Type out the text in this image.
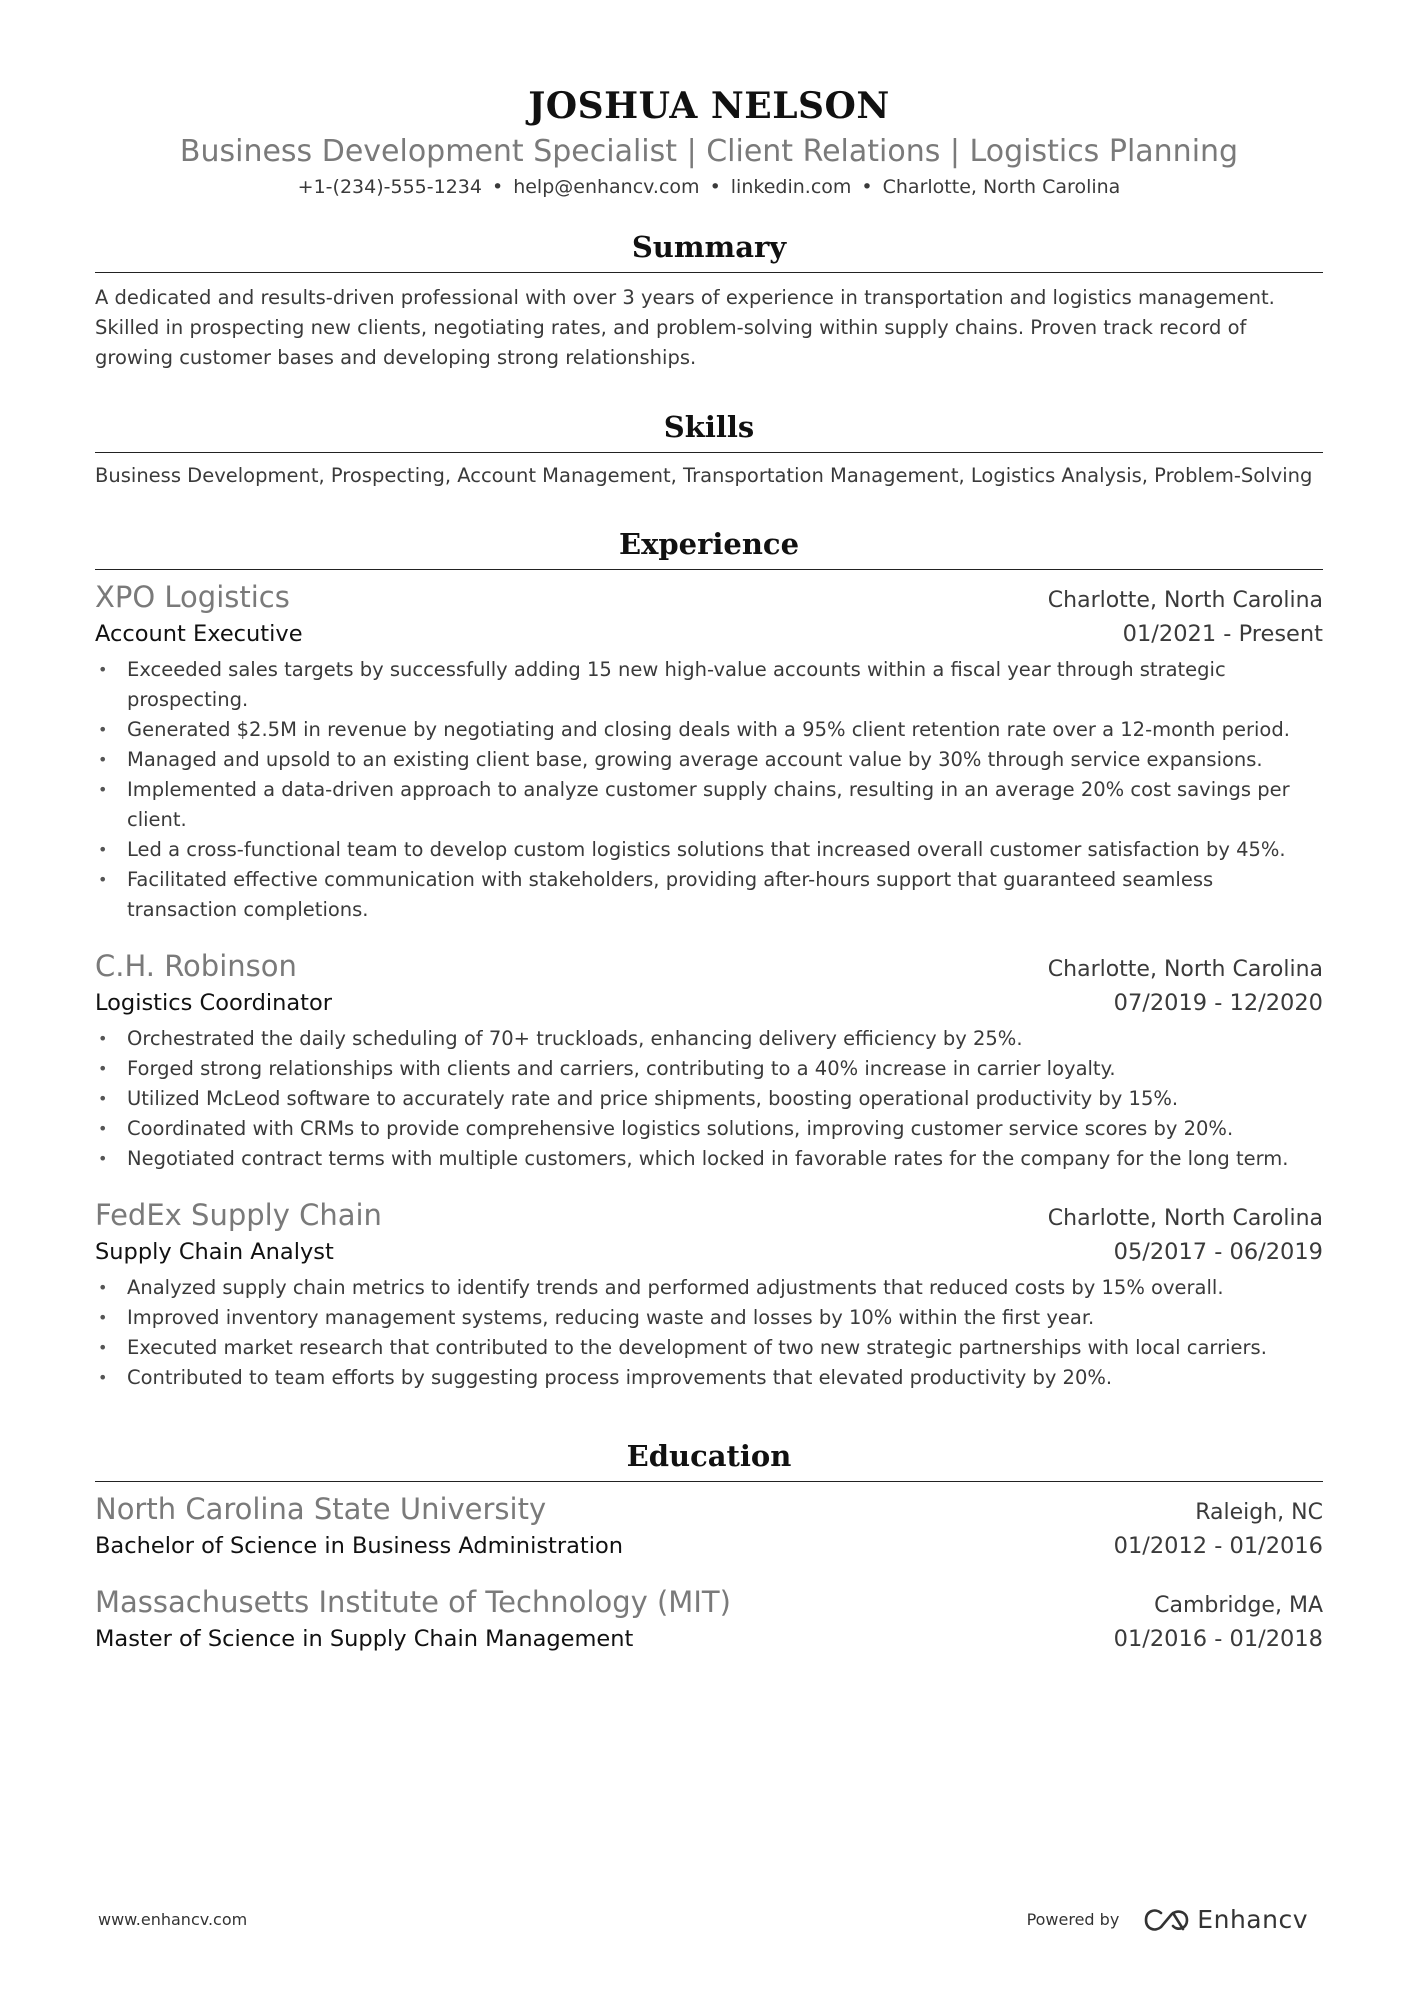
JOSHUA NELSON
Business Development Specialist | Client Relations | Logistics Planning
+1-(234)-555-1234 • help@enhancv.com • linkedin.com • Charlotte, North Carolina
Summary
A dedicated and results-driven professional with over 3 years of experience in transportation and logistics management. Skilled in prospecting new clients, negotiating rates, and problem-solving within supply chains. Proven track record of growing customer bases and developing strong relationships.
Skills
Business Development, Prospecting, Account Management, Transportation Management, Logistics Analysis, Problem-Solving
Experience
XPO Logistics	Charlotte, North Carolina
Account Executive	01/2021 - Present
• Exceeded sales targets by successfully adding 15 new high-value accounts within a fiscal year through strategic prospecting.
• Generated $2.5M in revenue by negotiating and closing deals with a 95% client retention rate over a 12-month period.
• Managed and upsold to an existing client base, growing average account value by 30% through service expansions.
• Implemented a data-driven approach to analyze customer supply chains, resulting in an average 20% cost savings per client.
• Led a cross-functional team to develop custom logistics solutions that increased overall customer satisfaction by 45%.
• Facilitated effective communication with stakeholders, providing after-hours support that guaranteed seamless transaction completions.
C.H. Robinson	Charlotte, North Carolina
Logistics Coordinator	07/2019 - 12/2020
• Orchestrated the daily scheduling of 70+ truckloads, enhancing delivery efficiency by 25%.
• Forged strong relationships with clients and carriers, contributing to a 40% increase in carrier loyalty.
• Utilized McLeod software to accurately rate and price shipments, boosting operational productivity by 15%.
• Coordinated with CRMs to provide comprehensive logistics solutions, improving customer service scores by 20%.
• Negotiated contract terms with multiple customers, which locked in favorable rates for the company for the long term.
FedEx Supply Chain	Charlotte, North Carolina
Supply Chain Analyst	05/2017 - 06/2019
• Analyzed supply chain metrics to identify trends and performed adjustments that reduced costs by 15% overall.
• Improved inventory management systems, reducing waste and losses by 10% within the first year.
• Executed market research that contributed to the development of two new strategic partnerships with local carriers.
• Contributed to team efforts by suggesting process improvements that elevated productivity by 20%.
Education
North Carolina State University	Raleigh, NC
Bachelor of Science in Business Administration	01/2012 - 01/2016
Massachusetts Institute of Technology (MIT)	Cambridge, MA
Master of Science in Supply Chain Management	01/2016 - 01/2018
www.enhancv.com	Powered by	Enhancv
